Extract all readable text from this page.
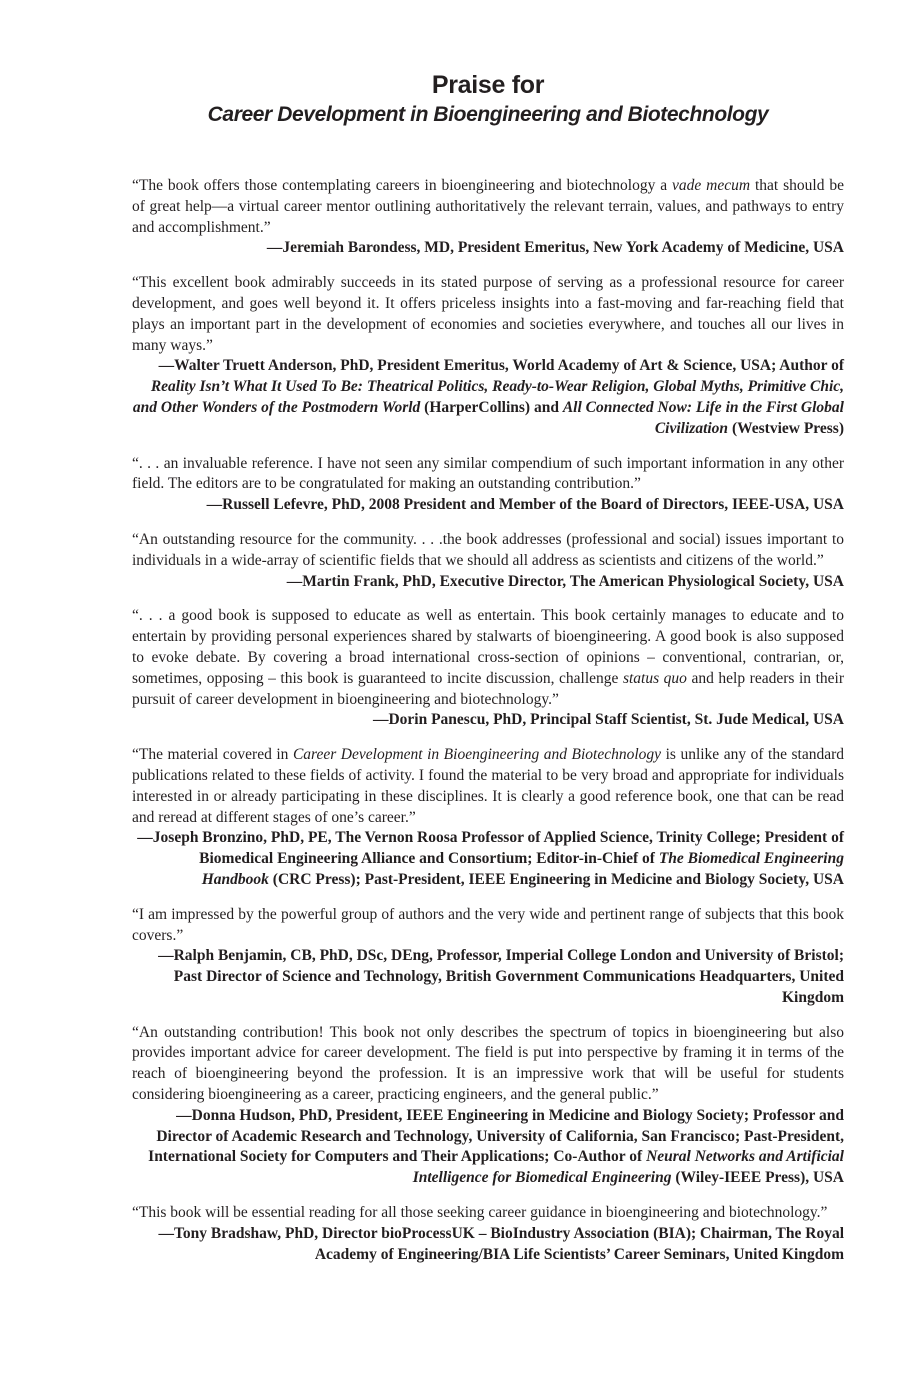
Praise for
Career Development in Bioengineering and Biotechnology

“The book offers those contemplating careers in bioengineering and biotechnology a vade mecum that should be of great help—a virtual career mentor outlining authoritatively the relevant terrain, values, and pathways to entry and accomplishment.”

—Jeremiah Barondess, MD, President Emeritus, New York Academy of Medicine, USA

“This excellent book admirably succeeds in its stated purpose of serving as a professional resource for career development, and goes well beyond it. It offers priceless insights into a fast-moving and far-reaching field that plays an important part in the development of economies and societies everywhere, and touches all our lives in many ways.”

—Walter Truett Anderson, PhD, President Emeritus, World Academy of Art & Science, USA; Author of Reality Isn’t What It Used To Be: Theatrical Politics, Ready-to-Wear Religion, Global Myths, Primitive Chic, and Other Wonders of the Postmodern World (HarperCollins) and All Connected Now: Life in the First Global Civilization (Westview Press)

“. . . an invaluable reference. I have not seen any similar compendium of such important information in any other field. The editors are to be congratulated for making an outstanding contribution.”

—Russell Lefevre, PhD, 2008 President and Member of the Board of Directors, IEEE-USA, USA

“An outstanding resource for the community. . . .the book addresses (professional and social) issues important to individuals in a wide-array of scientific fields that we should all address as scientists and citizens of the world.”

—Martin Frank, PhD, Executive Director, The American Physiological Society, USA

“. . . a good book is supposed to educate as well as entertain. This book certainly manages to educate and to entertain by providing personal experiences shared by stalwarts of bioengineering. A good book is also supposed to evoke debate. By covering a broad international cross-section of opinions – conventional, contrarian, or, sometimes, opposing – this book is guaranteed to incite discussion, challenge status quo and help readers in their pursuit of career development in bioengineering and biotechnology.”

—Dorin Panescu, PhD, Principal Staff Scientist, St. Jude Medical, USA

“The material covered in Career Development in Bioengineering and Biotechnology is unlike any of the standard publications related to these fields of activity. I found the material to be very broad and appropriate for individuals interested in or already participating in these disciplines. It is clearly a good reference book, one that can be read and reread at different stages of one’s career.”

—Joseph Bronzino, PhD, PE, The Vernon Roosa Professor of Applied Science, Trinity College; President of Biomedical Engineering Alliance and Consortium; Editor-in-Chief of The Biomedical Engineering Handbook (CRC Press); Past-President, IEEE Engineering in Medicine and Biology Society, USA

“I am impressed by the powerful group of authors and the very wide and pertinent range of subjects that this book covers.”

—Ralph Benjamin, CB, PhD, DSc, DEng, Professor, Imperial College London and University of Bristol; Past Director of Science and Technology, British Government Communications Headquarters, United Kingdom

“An outstanding contribution! This book not only describes the spectrum of topics in bioengineering but also provides important advice for career development. The field is put into perspective by framing it in terms of the reach of bioengineering beyond the profession. It is an impressive work that will be useful for students considering bioengineering as a career, practicing engineers, and the general public.”

—Donna Hudson, PhD, President, IEEE Engineering in Medicine and Biology Society; Professor and Director of Academic Research and Technology, University of California, San Francisco; Past-President, International Society for Computers and Their Applications; Co-Author of Neural Networks and Artificial Intelligence for Biomedical Engineering (Wiley-IEEE Press), USA

“This book will be essential reading for all those seeking career guidance in bioengineering and biotechnology.”

—Tony Bradshaw, PhD, Director bioProcessUK – BioIndustry Association (BIA); Chairman, The Royal Academy of Engineering/BIA Life Scientists’ Career Seminars, United Kingdom
